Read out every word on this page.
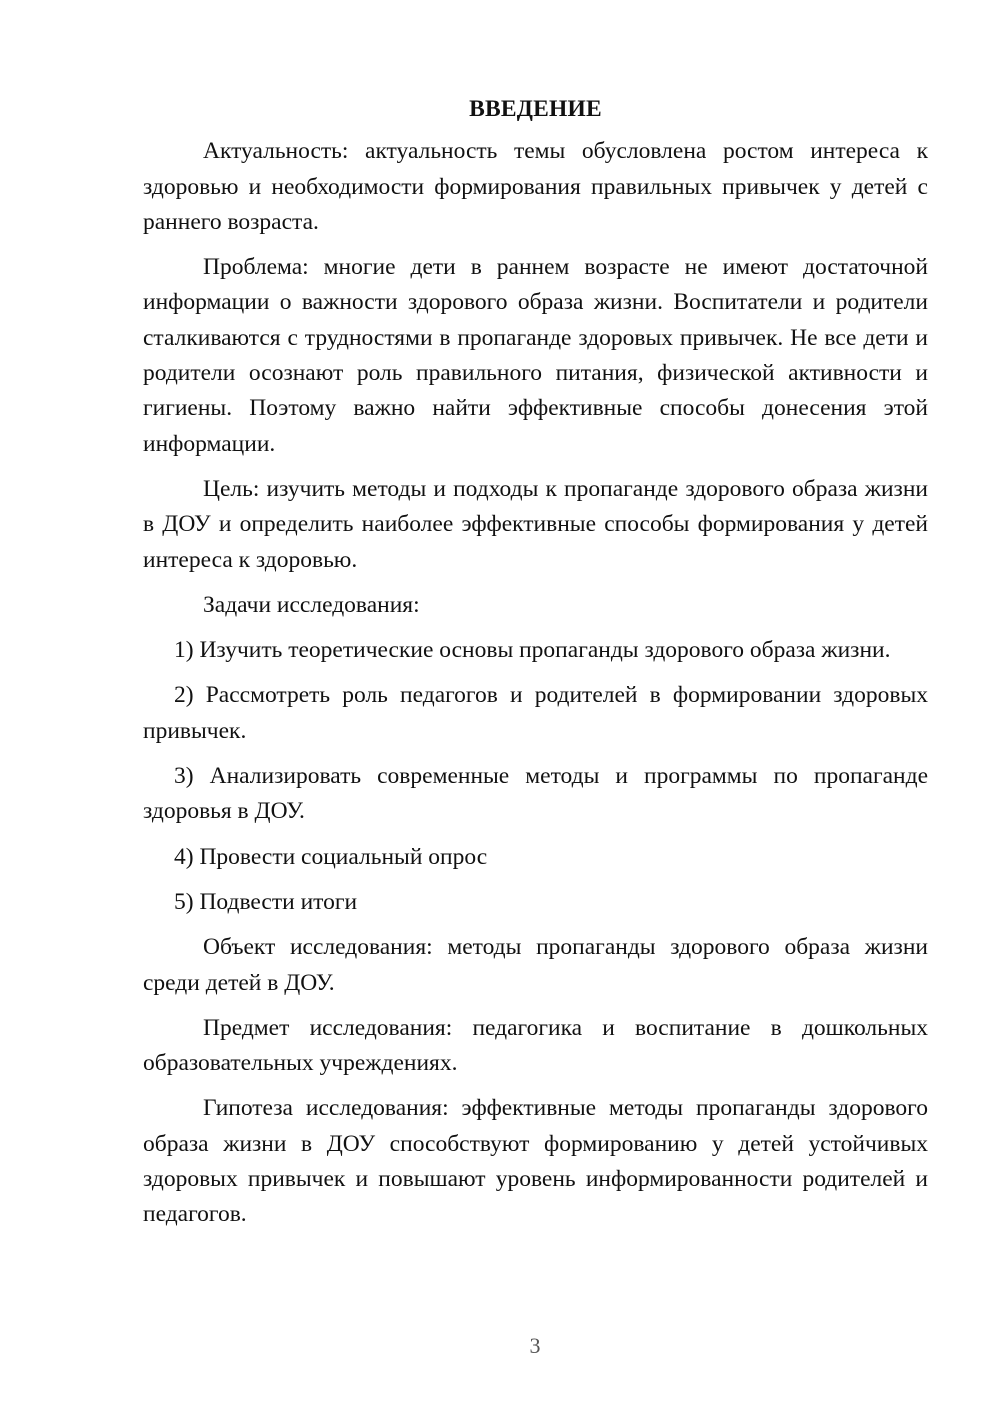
ВВЕДЕНИЕ

Актуальность: актуальность темы обусловлена ростом интереса к здоровью и необходимости формирования правильных привычек у детей с раннего возраста.

Проблема: многие дети в раннем возрасте не имеют достаточной информации о важности здорового образа жизни. Воспитатели и родители сталкиваются с трудностями в пропаганде здоровых привычек. Не все дети и родители осознают роль правильного питания, физической активности и гигиены. Поэтому важно найти эффективные способы донесения этой информации.

Цель: изучить методы и подходы к пропаганде здорового образа жизни в ДОУ и определить наиболее эффективные способы формирования у детей интереса к здоровью.

Задачи исследования:

1) Изучить теоретические основы пропаганды здорового образа жизни.

2) Рассмотреть роль педагогов и родителей в формировании здоровых привычек.

3) Анализировать современные методы и программы по пропаганде здоровья в ДОУ.

4) Провести социальный опрос

5) Подвести итоги

Объект исследования: методы пропаганды здорового образа жизни среди детей в ДОУ.

Предмет исследования: педагогика и воспитание в дошкольных образовательных учреждениях.

Гипотеза исследования: эффективные методы пропаганды здорового образа жизни в ДОУ способствуют формированию у детей устойчивых здоровых привычек и повышают уровень информированности родителей и педагогов.

3
